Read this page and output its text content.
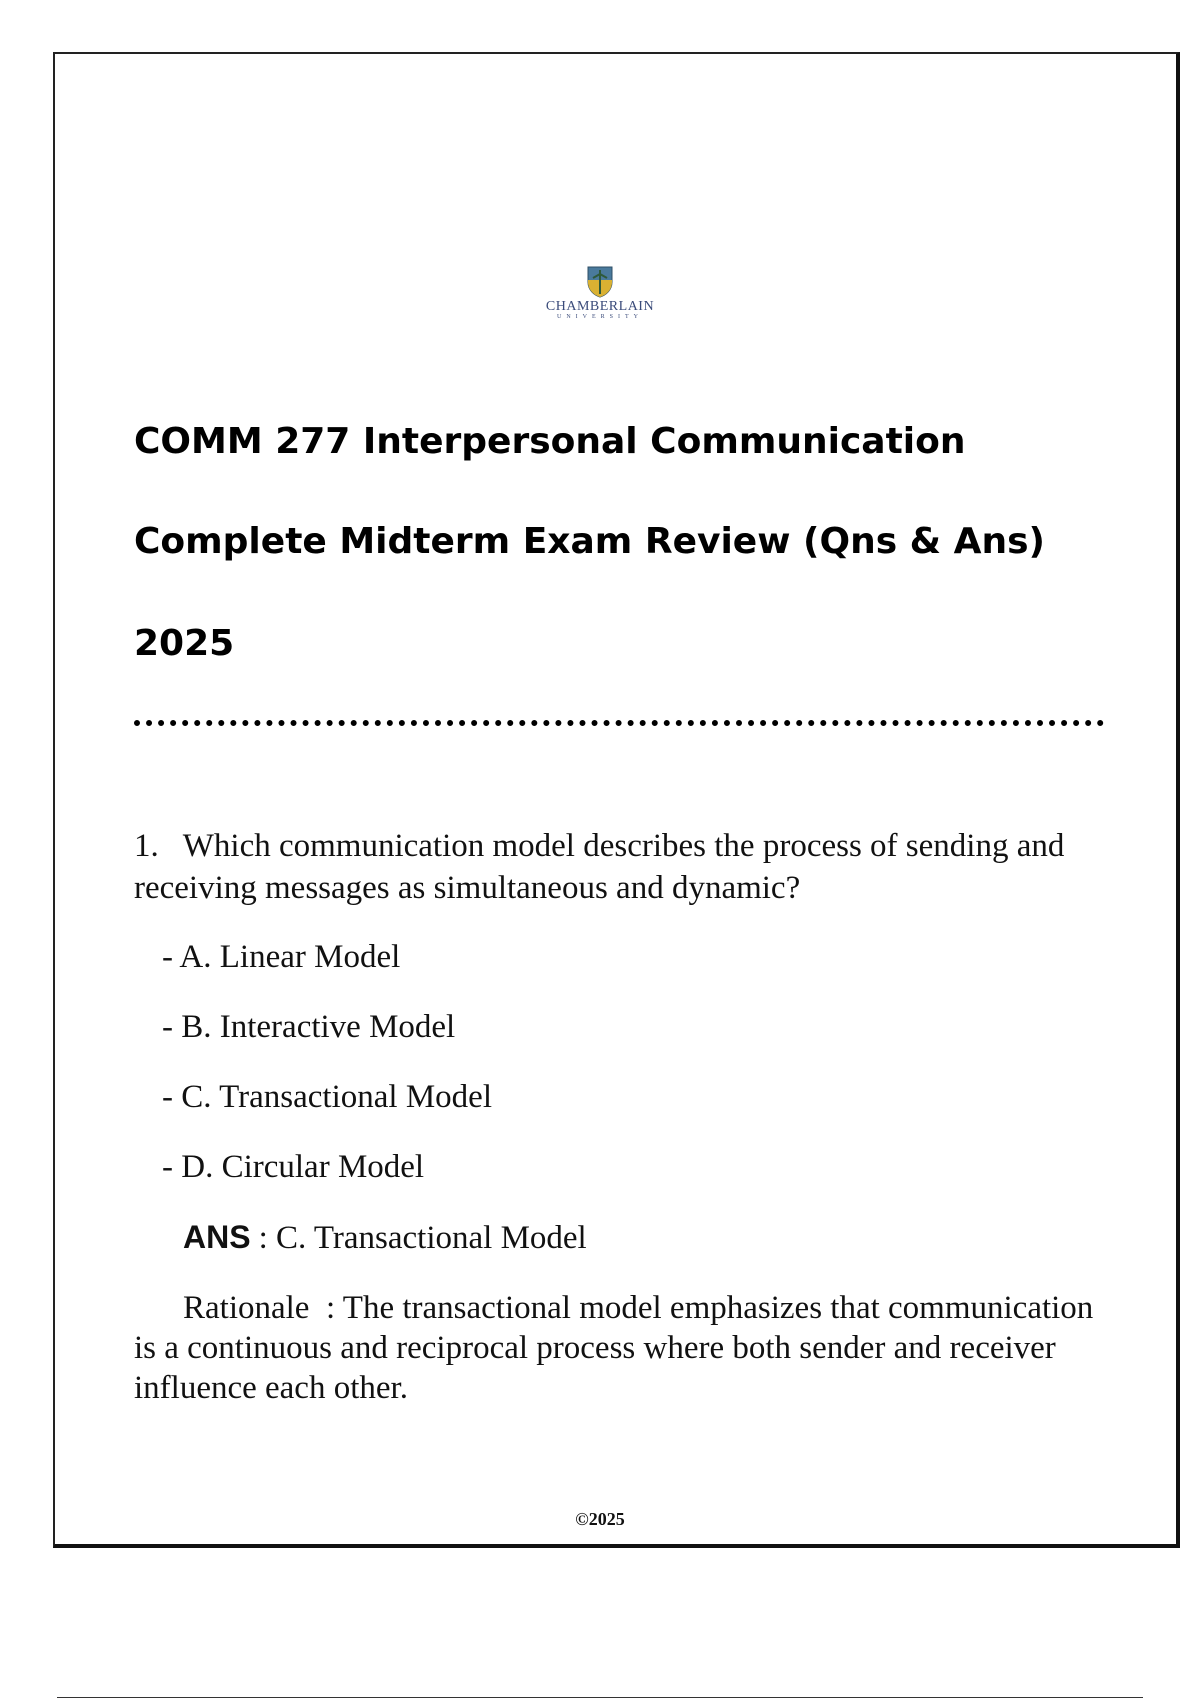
CHAMBERLAIN
UNIVERSITY
COMM 277 Interpersonal Communication
Complete Midterm Exam Review (Qns & Ans)
2025
1. Which communication model describes the process of sending and receiving messages as simultaneous and dynamic?
- A. Linear Model
- B. Interactive Model
- C. Transactional Model
- D. Circular Model
ANS : C. Transactional Model
Rationale : The transactional model emphasizes that communication is a continuous and reciprocal process where both sender and receiver influence each other.
©2025
